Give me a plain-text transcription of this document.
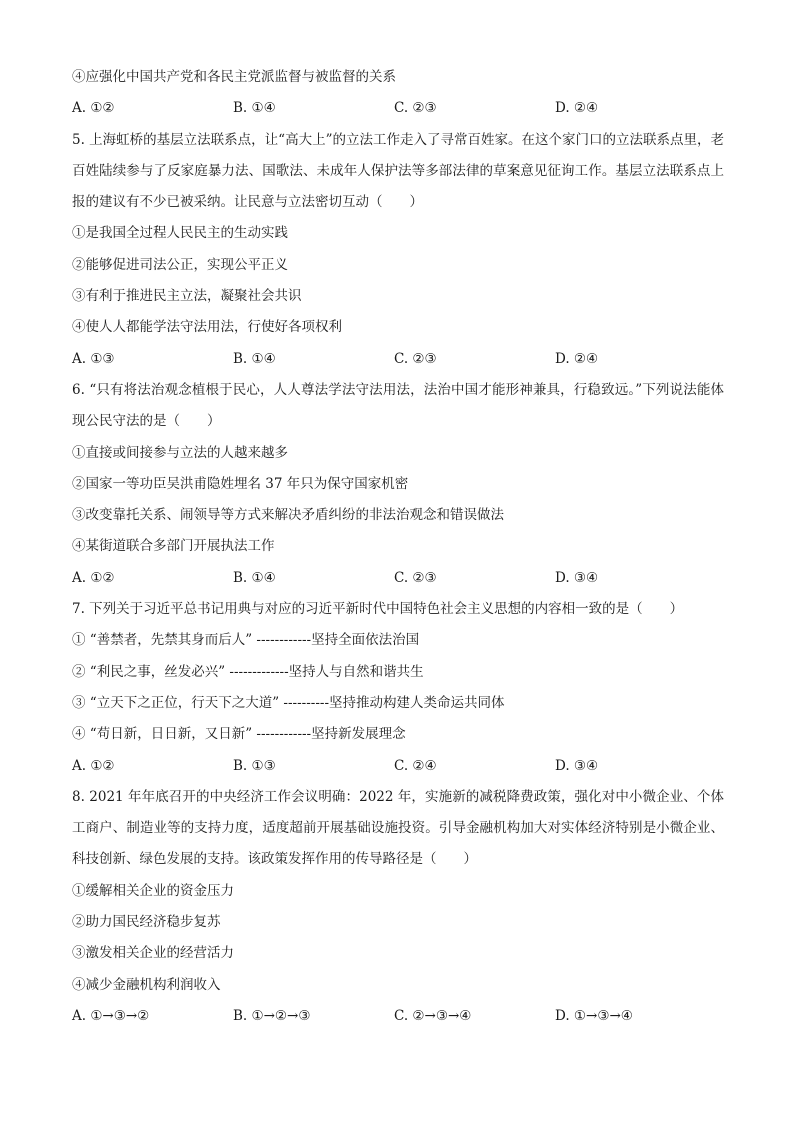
④应强化中国共产党和各民主党派监督与被监督的关系
A. ①②	B. ①④	C. ②③	D. ②④
5. 上海虹桥的基层立法联系点，让“高大上”的立法工作走入了寻常百姓家。在这个家门口的立法联系点里，老百姓陆续参与了反家庭暴力法、国歌法、未成年人保护法等多部法律的草案意见征询工作。基层立法联系点上报的建议有不少已被采纳。让民意与立法密切互动（　　）
①是我国全过程人民民主的生动实践
②能够促进司法公正，实现公平正义
③有利于推进民主立法，凝聚社会共识
④使人人都能学法守法用法，行使好各项权利
A. ①③	B. ①④	C. ②③	D. ②④
6. “只有将法治观念植根于民心，人人尊法学法守法用法，法治中国才能形神兼具，行稳致远。”下列说法能体现公民守法的是（　　）
①直接或间接参与立法的人越来越多
②国家一等功臣吴洪甫隐姓埋名 37 年只为保守国家机密
③改变靠托关系、闹领导等方式来解决矛盾纠纷的非法治观念和错误做法
④某街道联合多部门开展执法工作
A. ①②	B. ①④	C. ②③	D. ③④
7. 下列关于习近平总书记用典与对应的习近平新时代中国特色社会主义思想的内容相一致的是（　　）
① “善禁者，先禁其身而后人” ------------坚持全面依法治国
② “利民之事，丝发必兴” -------------坚持人与自然和谐共生
③ “立天下之正位，行天下之大道” ----------坚持推动构建人类命运共同体
④ “苟日新，日日新，又日新” ------------坚持新发展理念
A. ①②	B. ①③	C. ②④	D. ③④
8. 2021 年年底召开的中央经济工作会议明确：2022 年，实施新的减税降费政策，强化对中小微企业、个体工商户、制造业等的支持力度，适度超前开展基础设施投资。引导金融机构加大对实体经济特别是小微企业、科技创新、绿色发展的支持。该政策发挥作用的传导路径是（　　）
①缓解相关企业的资金压力
②助力国民经济稳步复苏
③激发相关企业的经营活力
④减少金融机构利润收入
A. ①→③→②	B. ①→②→③	C. ②→③→④	D. ①→③→④
